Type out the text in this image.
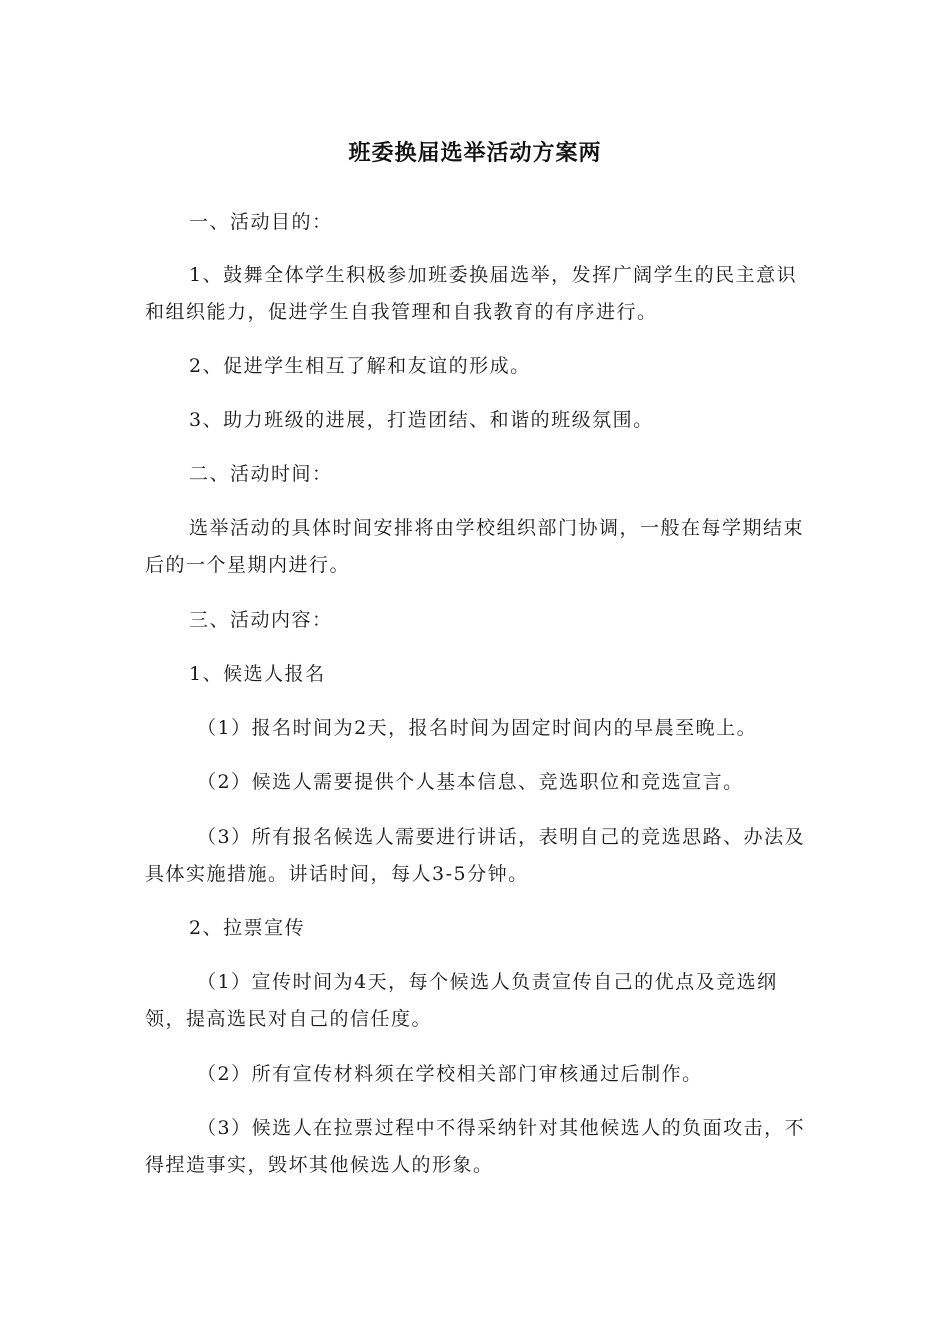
班委换届选举活动方案两
一、活动目的：
1、鼓舞全体学生积极参加班委换届选举，发挥广阔学生的民主意识和组织能力，促进学生自我管理和自我教育的有序进行。
2、促进学生相互了解和友谊的形成。
3、助力班级的进展，打造团结、和谐的班级氛围。
二、活动时间：
选举活动的具体时间安排将由学校组织部门协调，一般在每学期结束后的一个星期内进行。
三、活动内容：
1、候选人报名
（1）报名时间为2天，报名时间为固定时间内的早晨至晚上。
（2）候选人需要提供个人基本信息、竞选职位和竞选宣言。
（3）所有报名候选人需要进行讲话，表明自己的竞选思路、办法及具体实施措施。讲话时间，每人3-5分钟。
2、拉票宣传
（1）宣传时间为4天，每个候选人负责宣传自己的优点及竞选纲领，提高选民对自己的信任度。
（2）所有宣传材料须在学校相关部门审核通过后制作。
（3）候选人在拉票过程中不得采纳针对其他候选人的负面攻击，不得捏造事实，毁坏其他候选人的形象。
